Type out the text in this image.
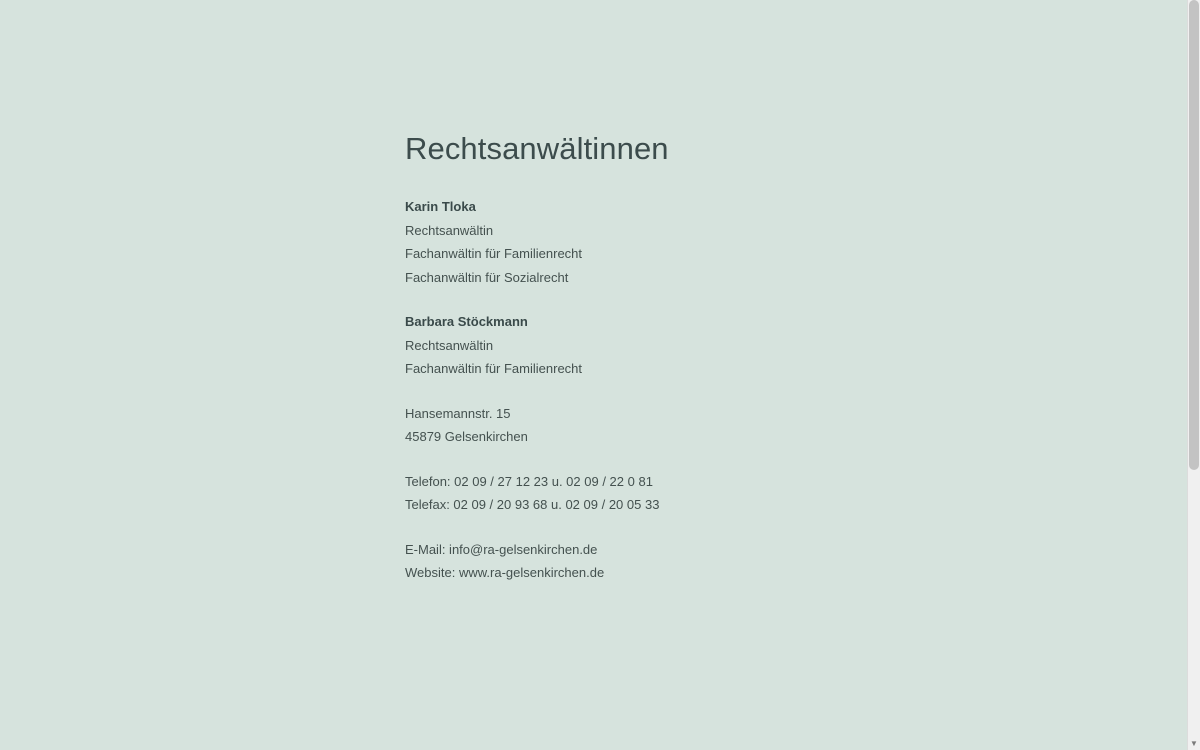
Rechtsanwältinnen
Karin Tloka
Rechtsanwältin
Fachanwältin für Familienrecht
Fachanwältin für Sozialrecht
Barbara Stöckmann
Rechtsanwältin
Fachanwältin für Familienrecht
Hansemannstr. 15
45879 Gelsenkirchen
Telefon: 02 09 / 27 12 23 u. 02 09 / 22 0 81
Telefax: 02 09 / 20 93 68 u. 02 09 / 20 05 33
E-Mail: info@ra-gelsenkirchen.de
Website: www.ra-gelsenkirchen.de
▼
